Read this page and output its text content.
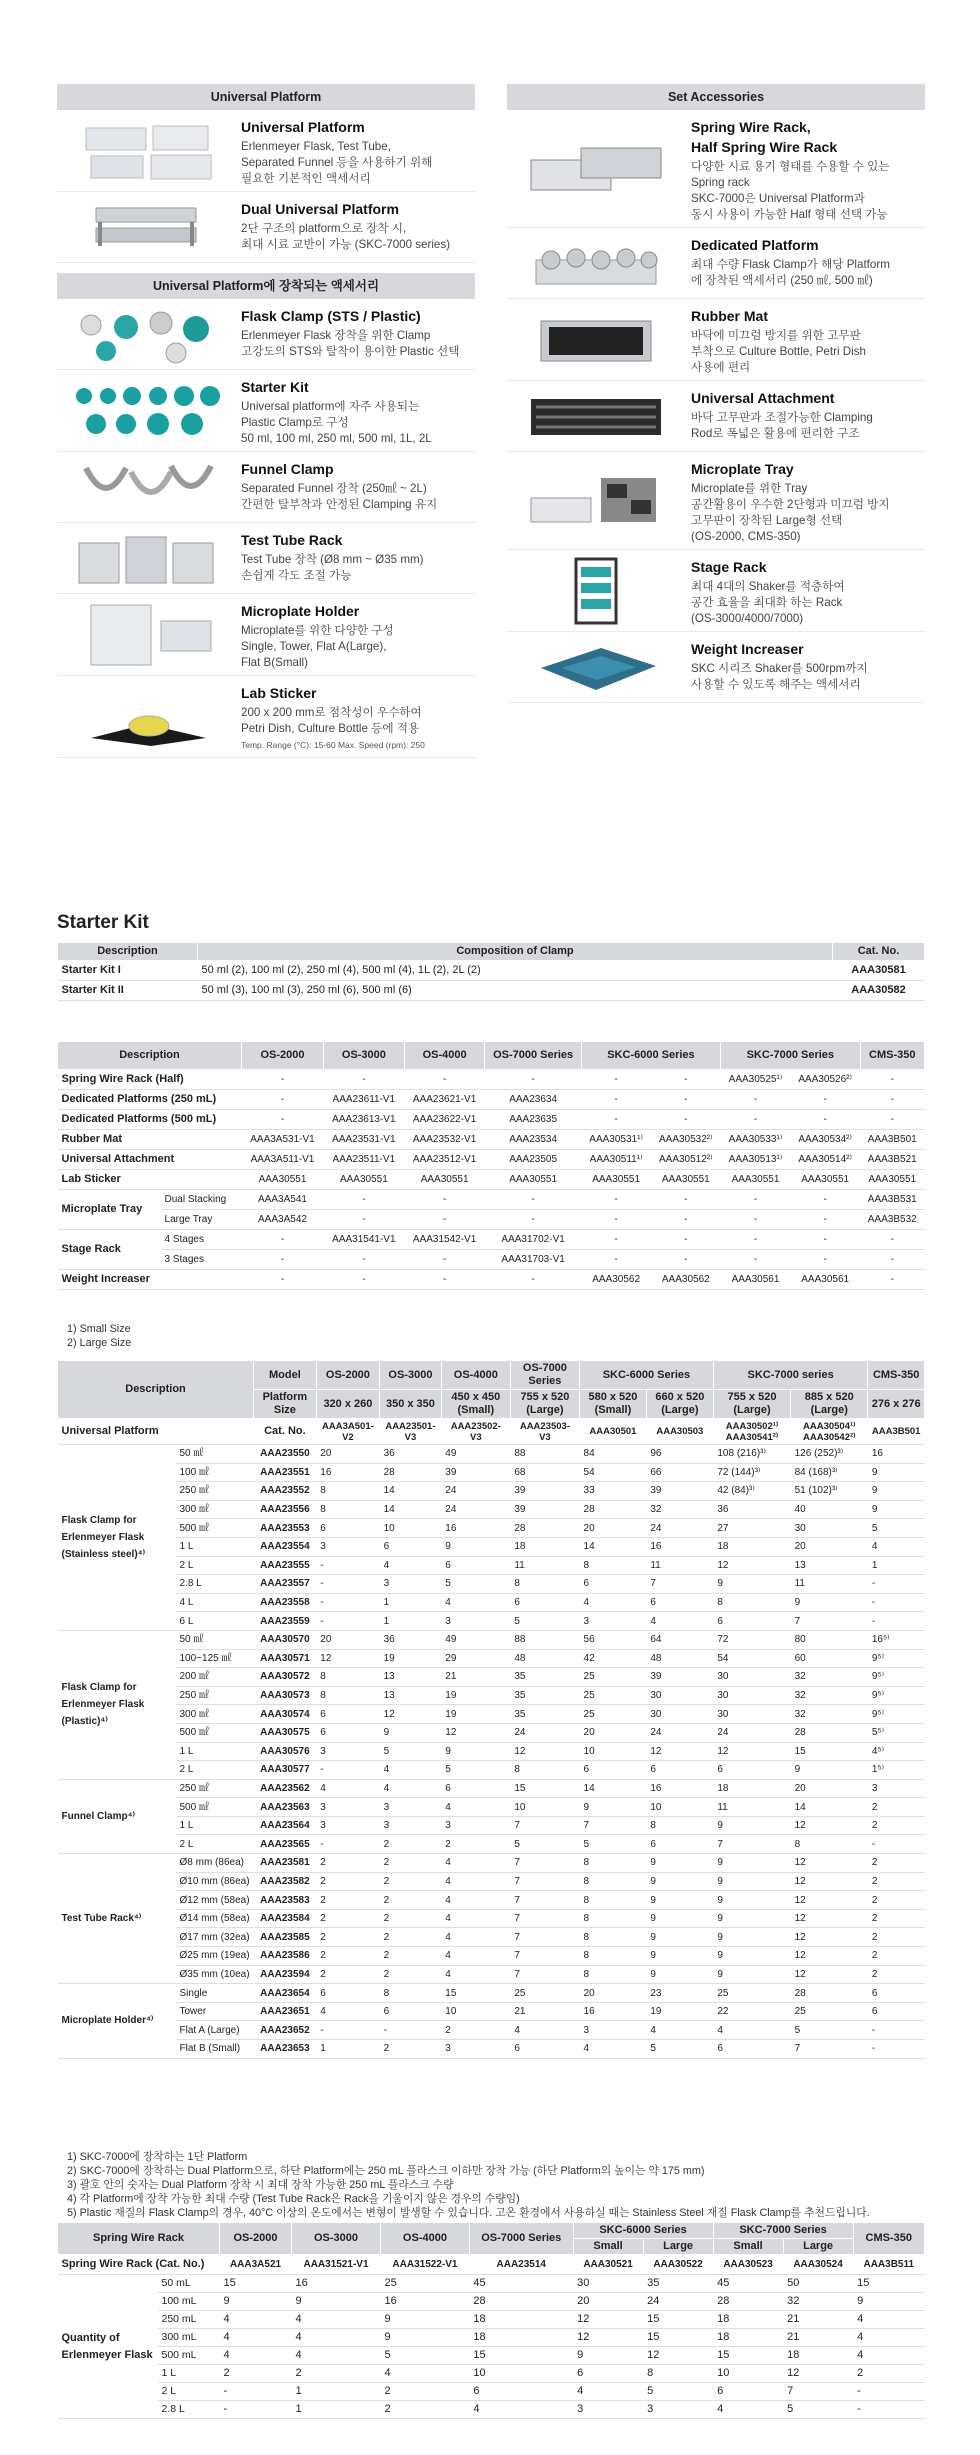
Universal Platform
Universal Platform

Erlenmeyer Flask, Test Tube,

Separated Funnel 등을 사용하기 위해

필요한 기본적인 액세서리

Dual Universal Platform

2단 구조의 platform으로 장착 시,

최대 시료 교반이 가능 (SKC-7000 series)

Universal Platform에 장착되는 액세서리
Flask Clamp (STS / Plastic)

Erlenmeyer Flask 장착을 위한 Clamp

고강도의 STS와 탈착이 용이한 Plastic 선택

Starter Kit

Universal platform에 자주 사용되는

Plastic Clamp로 구성

50 ml, 100 ml, 250 ml, 500 ml, 1L, 2L

Funnel Clamp

Separated Funnel 장착 (250㎖ ~ 2L)

간편한 탈부착과 안정된 Clamping 유지

Test Tube Rack

Test Tube 장착 (Ø8 mm ~ Ø35 mm)

손쉽게 각도 조절 가능

Microplate Holder

Microplate를 위한 다양한 구성

Single, Tower, Flat A(Large),

Flat B(Small)

Lab Sticker

200 x 200 mm로 점착성이 우수하여

Petri Dish, Culture Bottle 등에 적용

Temp. Range (°C): 15-60 Max. Speed (rpm): 250

Set Accessories
Spring Wire Rack,
Half Spring Wire Rack

다양한 시료 용기 형태를 수용할 수 있는

Spring rack

SKC-7000은 Universal Platform과

동시 사용이 가능한 Half 형태 선택 가능

Dedicated Platform

최대 수량 Flask Clamp가 해당 Platform

에 장착된 액세서리 (250 ㎖, 500 ㎖)

Rubber Mat

바닥에 미끄럼 방지를 위한 고무판

부착으로 Culture Bottle, Petri Dish

사용에 편리

Universal Attachment

바닥 고무판과 조절가능한 Clamping

Rod로 폭넓은 활용에 편리한 구조

Microplate Tray

Microplate를 위한 Tray

공간활용이 우수한 2단형과 미끄럼 방지

고무판이 장착된 Large형 선택

(OS-2000, CMS-350)

Stage Rack

최대 4대의 Shaker를 적층하여

공간 효율을 최대화 하는 Rack

(OS-3000/4000/7000)

Weight Increaser

SKC 시리즈 Shaker를 500rpm까지

사용할 수 있도록 해주는 액세서리

Starter Kit
Description	Composition of Clamp	Cat. No.
Starter Kit I	50 ml (2), 100 ml (2), 250 ml (4), 500 ml (4), 1L (2), 2L (2)	AAA30581
Starter Kit II	50 ml (3), 100 ml (3), 250 ml (6), 500 ml (6)	AAA30582
Description		OS-2000	OS-3000	OS-4000	OS-7000 Series	SKC-6000 Series		SKC-7000 Series		CMS-350
Spring Wire Rack (Half)		-	-	-	-	-	-	AAA30525¹⁾	AAA30526²⁾	-
Dedicated Platforms (250 mL)		-	AAA23611-V1	AAA23621-V1	AAA23634	-	-	-	-	-
Dedicated Platforms (500 mL)		-	AAA23613-V1	AAA23622-V1	AAA23635	-	-	-	-	-
Rubber Mat		AAA3A531-V1	AAA23531-V1	AAA23532-V1	AAA23534	AAA30531¹⁾	AAA30532²⁾	AAA30533¹⁾	AAA30534²⁾	AAA3B501
Universal Attachment		AAA3A511-V1	AAA23511-V1	AAA23512-V1	AAA23505	AAA30511¹⁾	AAA30512²⁾	AAA30513¹⁾	AAA30514²⁾	AAA3B521
Lab Sticker		AAA30551	AAA30551	AAA30551	AAA30551	AAA30551	AAA30551	AAA30551	AAA30551	AAA30551
Microplate Tray	Dual Stacking	AAA3A541	-	-	-	-	-	-	-	AAA3B531
	Large Tray	AAA3A542	-	-	-	-	-	-	-	AAA3B532
Stage Rack	4 Stages	-	AAA31541-V1	AAA31542-V1	AAA31702-V1	-	-	-	-	-
	3 Stages	-	-	-	AAA31703-V1	-	-	-	-	-
Weight Increaser		-	-	-	-	AAA30562	AAA30562	AAA30561	AAA30561	-
1) Small Size
2) Large Size
Description		Model	OS-2000	OS-3000	OS-4000	OS-7000 Series	SKC-6000 Series		SKC-7000 series		CMS-350
		Platform Size	320 x 260	350 x 350	450 x 450 (Small)	755 x 520 (Large)	580 x 520 (Small)	660 x 520 (Large)	755 x 520 (Large)	885 x 520 (Large)	276 x 276
Universal Platform		Cat. No.	AAA3A501-V2	AAA23501-V3	AAA23502-V3	AAA23503-V3	AAA30501	AAA30503	AAA30502¹⁾ AAA30541²⁾	AAA30504¹⁾ AAA30542²⁾	AAA3B501
Flask Clamp for Erlenmeyer Flask (Stainless steel)⁴⁾	50 ㎖	AAA23550	20	36	49	88	84	96	108 (216)³⁾	126 (252)³⁾	16
	100 ㎖	AAA23551	16	28	39	68	54	66	72 (144)³⁾	84 (168)³⁾	9
	250 ㎖	AAA23552	8	14	24	39	33	39	42 (84)³⁾	51 (102)³⁾	9
	300 ㎖	AAA23556	8	14	24	39	28	32	36	40	9
	500 ㎖	AAA23553	6	10	16	28	20	24	27	30	5
	1 L	AAA23554	3	6	9	18	14	16	18	20	4
	2 L	AAA23555	-	4	6	11	8	11	12	13	1
	2.8 L	AAA23557	-	3	5	8	6	7	9	11	-
	4 L	AAA23558	-	1	4	6	4	6	8	9	-
	6 L	AAA23559	-	1	3	5	3	4	6	7	-
Flask Clamp for Erlenmeyer Flask (Plastic)⁴⁾	50 ㎖	AAA30570	20	36	49	88	56	64	72	80	16⁵⁾
	100~125 ㎖	AAA30571	12	19	29	48	42	48	54	60	9⁵⁾
	200 ㎖	AAA30572	8	13	21	35	25	39	30	32	9⁵⁾
	250 ㎖	AAA30573	8	13	19	35	25	30	30	32	9⁵⁾
	300 ㎖	AAA30574	6	12	19	35	25	30	30	32	9⁵⁾
	500 ㎖	AAA30575	6	9	12	24	20	24	24	28	5⁵⁾
	1 L	AAA30576	3	5	9	12	10	12	12	15	4⁵⁾
	2 L	AAA30577	-	4	5	8	6	6	6	9	1⁵⁾
Funnel Clamp⁴⁾	250 ㎖	AAA23562	4	4	6	15	14	16	18	20	3
	500 ㎖	AAA23563	3	3	4	10	9	10	11	14	2
	1 L	AAA23564	3	3	3	7	7	8	9	12	2
	2 L	AAA23565	-	2	2	5	5	6	7	8	-
Test Tube Rack⁴⁾	Ø8 mm (86ea)	AAA23581	2	2	4	7	8	9	9	12	2
	Ø10 mm (86ea)	AAA23582	2	2	4	7	8	9	9	12	2
	Ø12 mm (58ea)	AAA23583	2	2	4	7	8	9	9	12	2
	Ø14 mm (58ea)	AAA23584	2	2	4	7	8	9	9	12	2
	Ø17 mm (32ea)	AAA23585	2	2	4	7	8	9	9	12	2
	Ø25 mm (19ea)	AAA23586	2	2	4	7	8	9	9	12	2
	Ø35 mm (10ea)	AAA23594	2	2	4	7	8	9	9	12	2
Microplate Holder⁴⁾	Single	AAA23654	6	8	15	25	20	23	25	28	6
	Tower	AAA23651	4	6	10	21	16	19	22	25	6
	Flat A (Large)	AAA23652	-	-	2	4	3	4	4	5	-
	Flat B (Small)	AAA23653	1	2	3	6	4	5	6	7	-
1) SKC-7000에 장착하는 1단 Platform
2) SKC-7000에 장착하는 Dual Platform으로, 하단 Platform에는 250 mL 플라스크 이하만 장착 가능 (하단 Platform의 높이는 약 175 mm)
3) 괄호 안의 숫자는 Dual Platform 장착 시 최대 장착 가능한 250 mL 플라스크 수량
4) 각 Platform에 장착 가능한 최대 수량 (Test Tube Rack은 Rack을 기울이지 않은 경우의 수량임)
5) Plastic 재질의 Flask Clamp의 경우, 40°C 이상의 온도에서는 변형이 발생할 수 있습니다. 고온 환경에서 사용하실 때는 Stainless Steel 재질 Flask Clamp를 추천드립니다.
Spring Wire Rack		OS-2000	OS-3000	OS-4000	OS-7000 Series	SKC-6000 Series		SKC-7000 Series		CMS-350
						Small	Large	Small	Large	
Spring Wire Rack (Cat. No.)		AAA3A521	AAA31521-V1	AAA31522-V1	AAA23514	AAA30521	AAA30522	AAA30523	AAA30524	AAA3B511
Quantity of Erlenmeyer Flask	50 mL	15	16	25	45	30	35	45	50	15
	100 mL	9	9	16	28	20	24	28	32	9
	250 mL	4	4	9	18	12	15	18	21	4
	300 mL	4	4	9	18	12	15	18	21	4
	500 mL	4	4	5	15	9	12	15	18	4
	1 L	2	2	4	10	6	8	10	12	2
	2 L	-	1	2	6	4	5	6	7	-
	2.8 L	-	1	2	4	3	3	4	5	-
